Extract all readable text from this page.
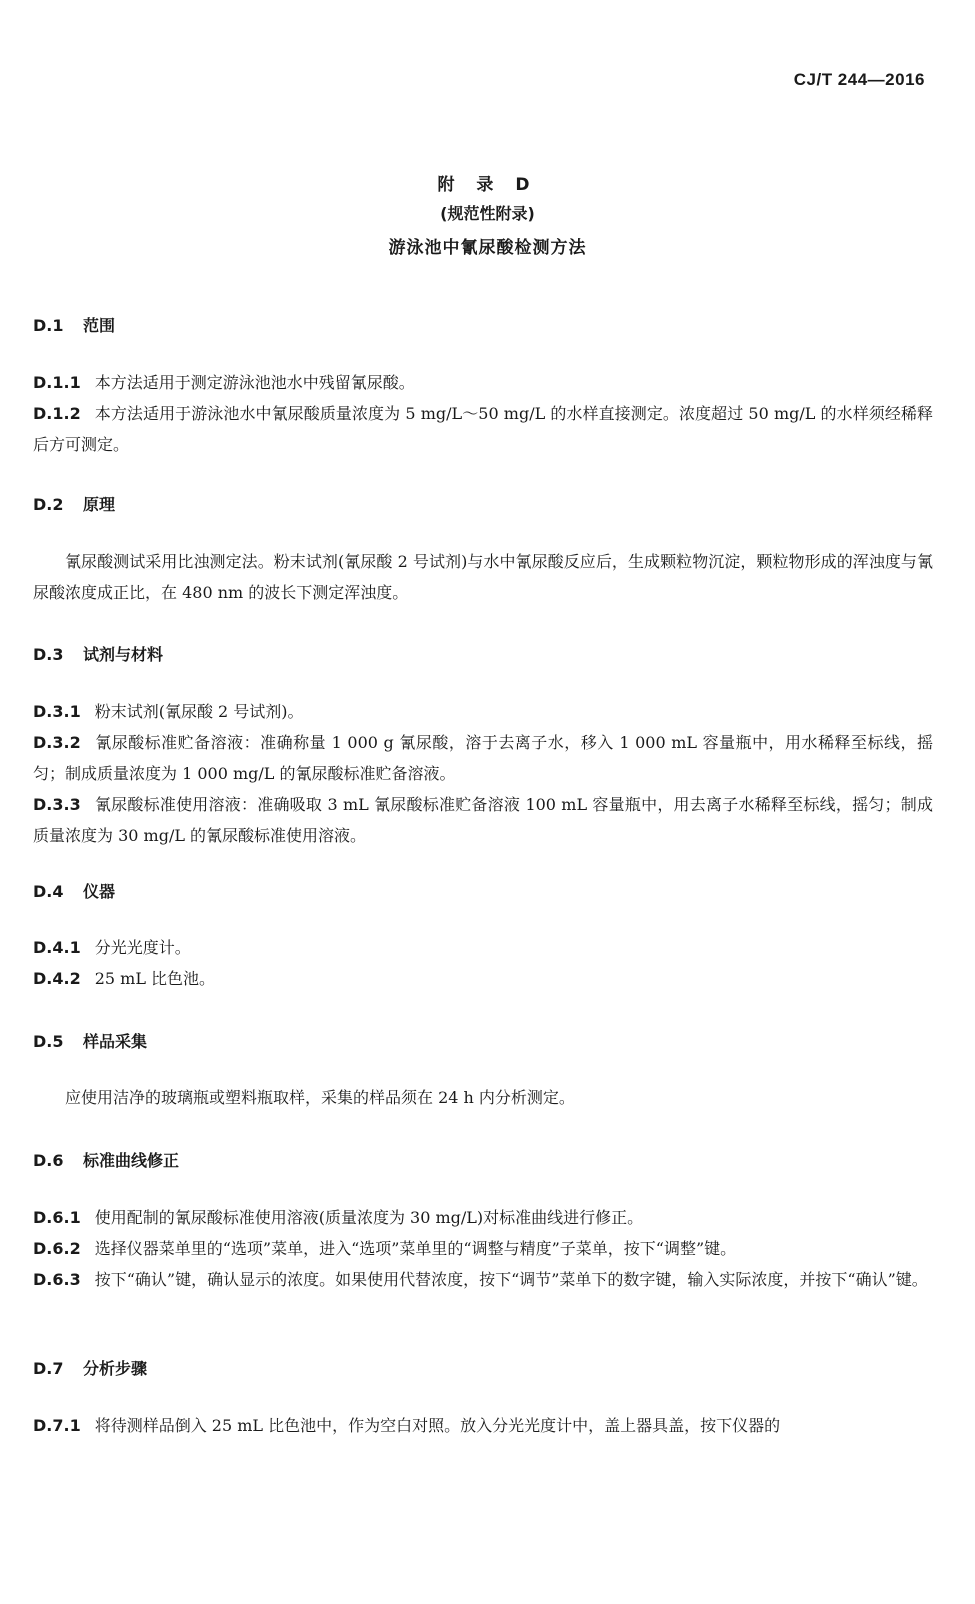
CJ/T 244—2016
附 录 D
(规范性附录)
游泳池中氰尿酸检测方法
D.1 范围
D.1.1 本方法适用于测定游泳池池水中残留氰尿酸。
D.1.2 本方法适用于游泳池水中氰尿酸质量浓度为 5 mg/L～50 mg/L 的水样直接测定。浓度超过 50 mg/L 的水样须经稀释后方可测定。
D.2 原理
氰尿酸测试采用比浊测定法。粉末试剂(氰尿酸 2 号试剂)与水中氰尿酸反应后，生成颗粒物沉淀，颗粒物形成的浑浊度与氰尿酸浓度成正比，在 480 nm 的波长下测定浑浊度。
D.3 试剂与材料
D.3.1 粉末试剂(氰尿酸 2 号试剂)。
D.3.2 氰尿酸标准贮备溶液：准确称量 1 000 g 氰尿酸，溶于去离子水，移入 1 000 mL 容量瓶中，用水稀释至标线，摇匀；制成质量浓度为 1 000 mg/L 的氰尿酸标准贮备溶液。
D.3.3 氰尿酸标准使用溶液：准确吸取 3 mL 氰尿酸标准贮备溶液 100 mL 容量瓶中，用去离子水稀释至标线，摇匀；制成质量浓度为 30 mg/L 的氰尿酸标准使用溶液。
D.4 仪器
D.4.1 分光光度计。
D.4.2 25 mL 比色池。
D.5 样品采集
应使用洁净的玻璃瓶或塑料瓶取样，采集的样品须在 24 h 内分析测定。
D.6 标准曲线修正
D.6.1 使用配制的氰尿酸标准使用溶液(质量浓度为 30 mg/L)对标准曲线进行修正。
D.6.2 选择仪器菜单里的“选项”菜单，进入“选项”菜单里的“调整与精度”子菜单，按下“调整”键。
D.6.3 按下“确认”键，确认显示的浓度。如果使用代替浓度，按下“调节”菜单下的数字键，输入实际浓度，并按下“确认”键。
D.7 分析步骤
D.7.1 将待测样品倒入 25 mL 比色池中，作为空白对照。放入分光光度计中，盖上器具盖，按下仪器的
